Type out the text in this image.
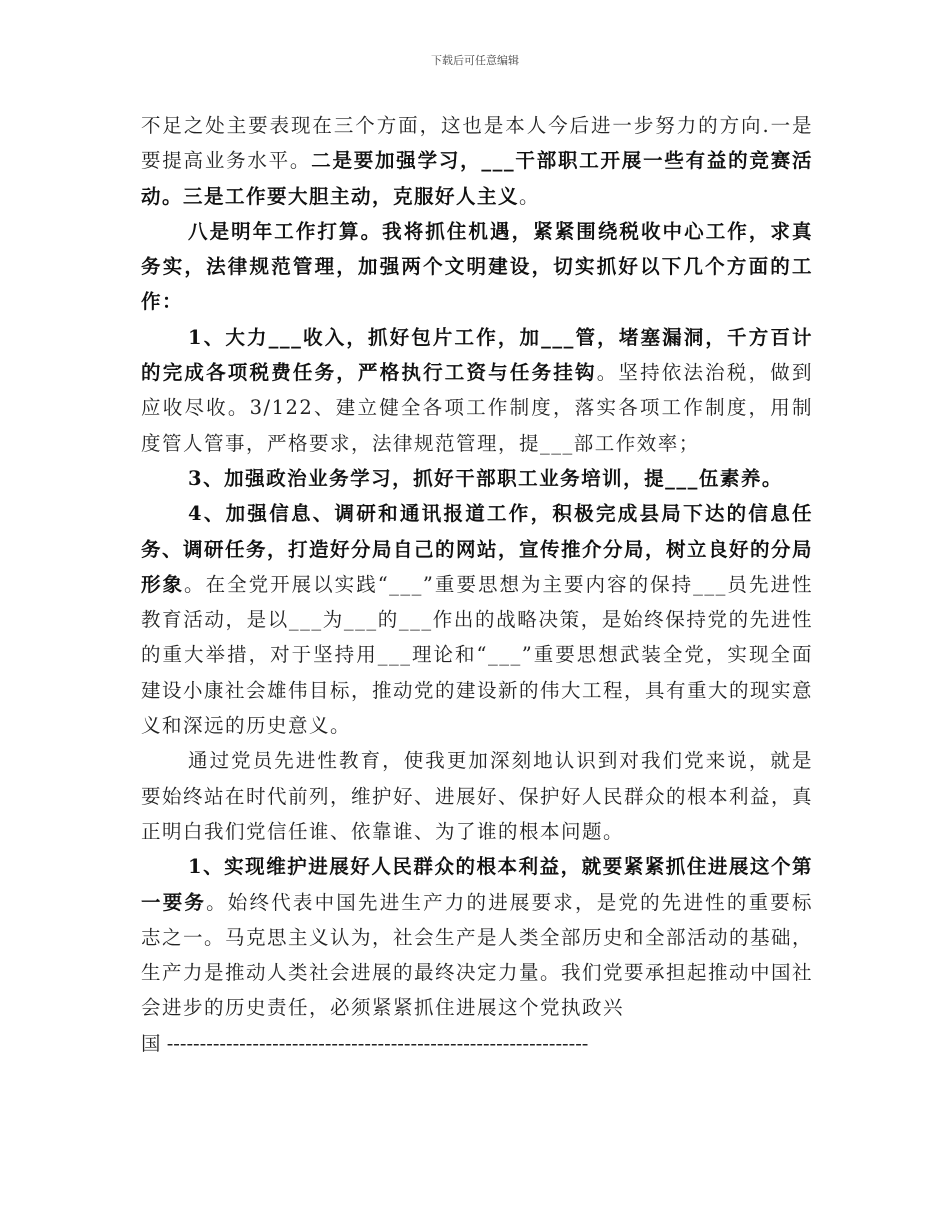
下载后可任意编辑

不足之处主要表现在三个方面，这也是本人今后进一步努力的方向.一是要提高业务水平。二是要加强学习，___干部职工开展一些有益的竞赛活动。三是工作要大胆主动，克服好人主义。

八是明年工作打算。我将抓住机遇，紧紧围绕税收中心工作，求真务实，法律规范管理，加强两个文明建设，切实抓好以下几个方面的工作：

1、大力___收入，抓好包片工作，加___管，堵塞漏洞，千方百计的完成各项税费任务，严格执行工资与任务挂钩。坚持依法治税，做到应收尽收。3/122、建立健全各项工作制度，落实各项工作制度，用制度管人管事，严格要求，法律规范管理，提___部工作效率；

3、加强政治业务学习，抓好干部职工业务培训，提___伍素养。

4、加强信息、调研和通讯报道工作，积极完成县局下达的信息任务、调研任务，打造好分局自己的网站，宣传推介分局，树立良好的分局形象。在全党开展以实践“___”重要思想为主要内容的保持___员先进性教育活动，是以___为___的___作出的战略决策，是始终保持党的先进性的重大举措，对于坚持用___理论和“___”重要思想武装全党，实现全面建设小康社会雄伟目标，推动党的建设新的伟大工程，具有重大的现实意义和深远的历史意义。

通过党员先进性教育，使我更加深刻地认识到对我们党来说，就是要始终站在时代前列，维护好、进展好、保护好人民群众的根本利益，真正明白我们党信任谁、依靠谁、为了谁的根本问题。

1、实现维护进展好人民群众的根本利益，就要紧紧抓住进展这个第一要务。始终代表中国先进生产力的进展要求，是党的先进性的重要标志之一。马克思主义认为，社会生产是人类全部历史和全部活动的基础，生产力是推动人类社会进展的最终决定力量。我们党要承担起推动中国社会进步的历史责任，必须紧紧抓住进展这个党执政兴

国 ----------------------------------------------------------------
